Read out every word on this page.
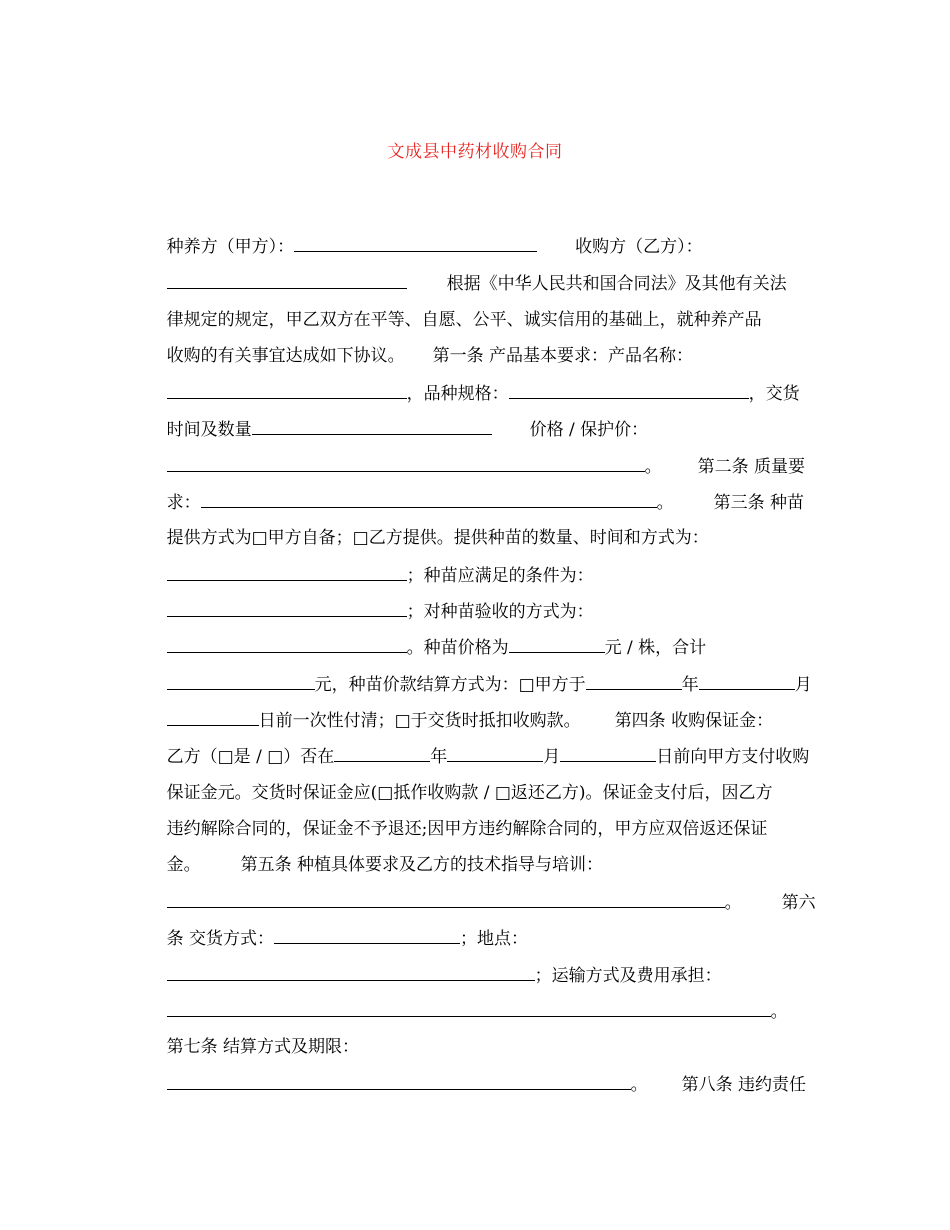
文成县中药材收购合同

种养方（甲方）：	收购方（乙方）：

根据《中华人民共和国合同法》及其他有关法

律规定的规定，甲乙双方在平等、自愿、公平、诚实信用的基础上，就种养产品

收购的有关事宜达成如下协议。 第一条 产品基本要求：产品名称：

，品种规格：	，交货

时间及数量	价格 / 保护价：

。 第二条 质量要

求：	。 第三条 种苗

提供方式为□甲方自备；□乙方提供。提供种苗的数量、时间和方式为：

；种苗应满足的条件为：

；对种苗验收的方式为：

。种苗价格为	元 / 株，合计

元，种苗价款结算方式为：□甲方于	年	月

日前一次性付清；□于交货时抵扣收购款。 第四条 收购保证金：

乙方（□是 / □）否在	年	月	日前向甲方支付收购

保证金元。交货时保证金应(□抵作收购款 / □返还乙方)。保证金支付后，因乙方

违约解除合同的，保证金不予退还;因甲方违约解除合同的，甲方应双倍返还保证

金。 第五条 种植具体要求及乙方的技术指导与培训：

。 第六

条 交货方式：	；地点：

；运输方式及费用承担：

。

第七条 结算方式及期限：

。 第八条 违约责任
